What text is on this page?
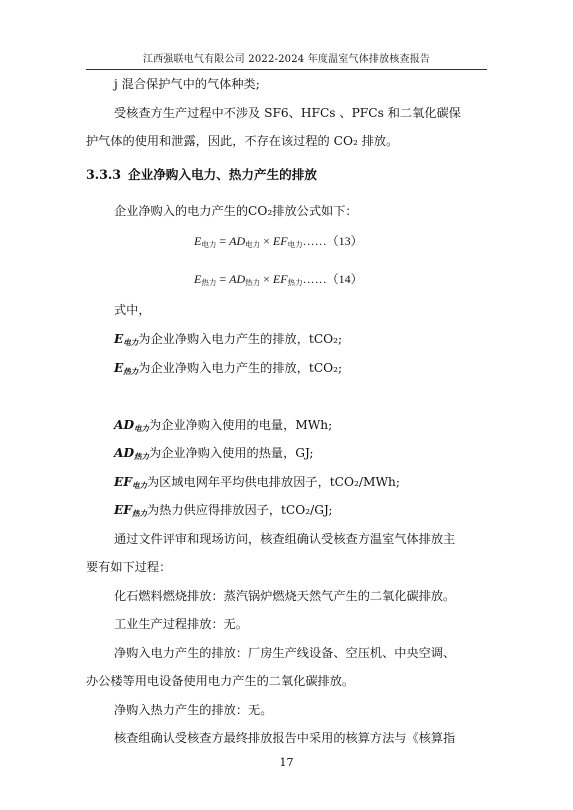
江西强联电气有限公司 2022-2024 年度温室气体排放核查报告
j 混合保护气中的气体种类;
受核查方生产过程中不涉及 SF6、HFCs 、PFCs 和二氧化碳保
护气体的使用和泄露，因此，不存在该过程的 CO₂ 排放。
3.3.3 企业净购入电力、热力产生的排放
企业净购入的电力产生的CO₂排放公式如下：
E电力 = AD电力 × EF电力……（13）
E热力 = AD热力 × EF热力……（14）
式中，
E电力为企业净购入电力产生的排放，tCO₂;
E热力为企业净购入电力产生的排放，tCO₂;
AD电力为企业净购入使用的电量，MWh;
AD热力为企业净购入使用的热量，GJ;
EF电力为区域电网年平均供电排放因子，tCO₂/MWh;
EF热力为热力供应得排放因子，tCO₂/GJ;
通过文件评审和现场访问，核查组确认受核查方温室气体排放主
要有如下过程：
化石燃料燃烧排放：蒸汽锅炉燃烧天然气产生的二氧化碳排放。
工业生产过程排放：无。
净购入电力产生的排放：厂房生产线设备、空压机、中央空调、
办公楼等用电设备使用电力产生的二氧化碳排放。
净购入热力产生的排放：无。
核查组确认受核查方最终排放报告中采用的核算方法与《核算指
17
